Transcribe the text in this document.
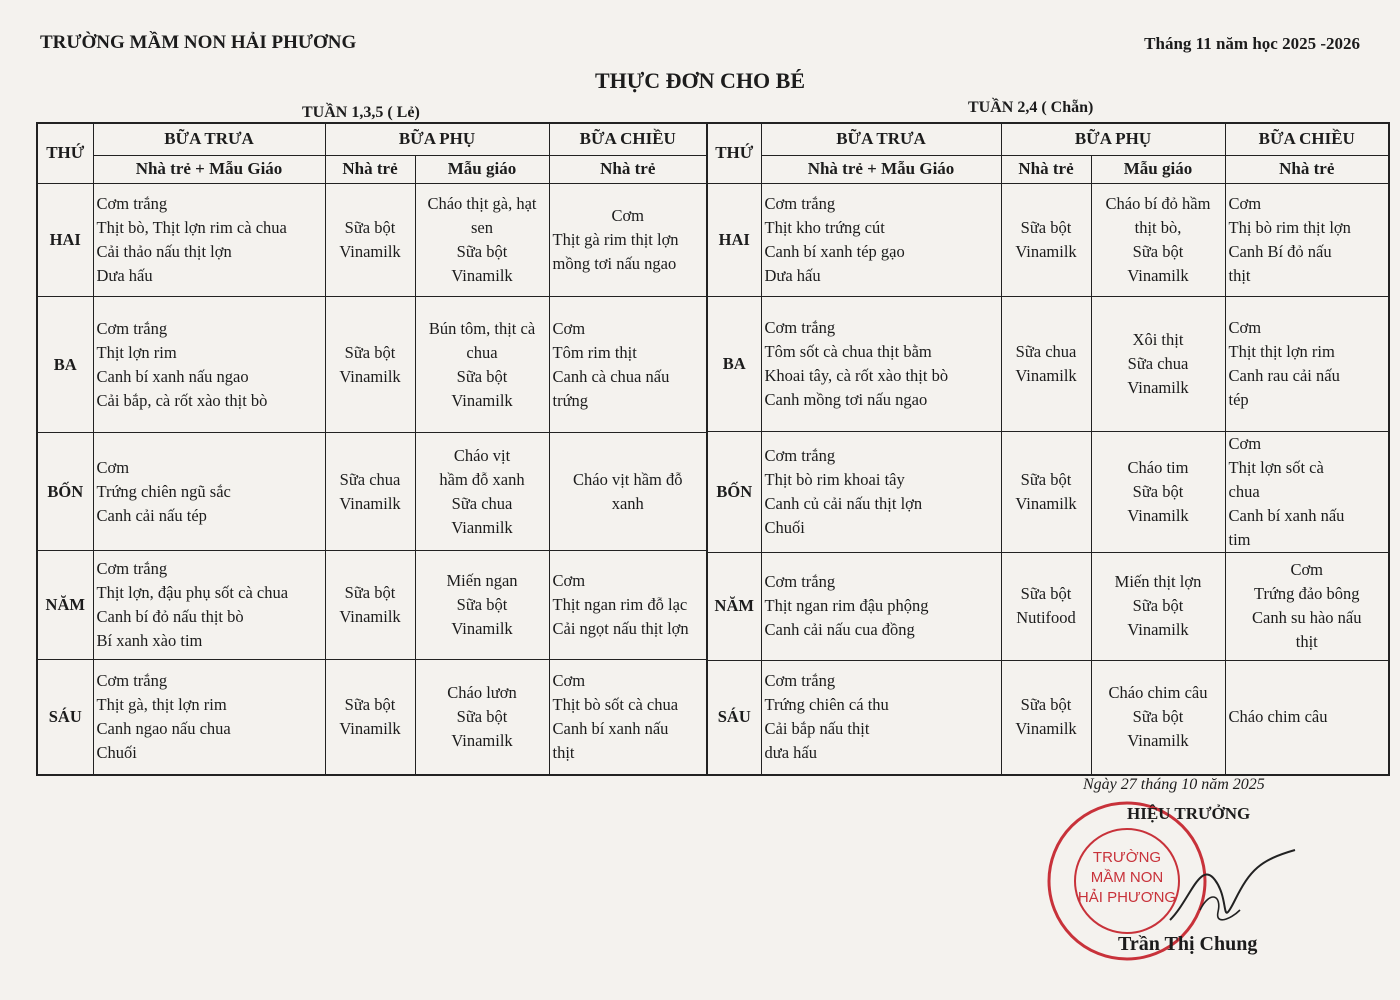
TRƯỜNG MẦM NON HẢI PHƯƠNG	Tháng 11 năm học 2025 -2026
THỰC ĐƠN CHO BÉ
TUẦN 1,3,5 ( Lẻ)	TUẦN 2,4 ( Chẵn)
THỨ	BỮA TRƯA	BỮA PHỤ		BỮA CHIỀU
	Nhà trẻ + Mẫu Giáo	Nhà trẻ	Mẫu giáo	Nhà trẻ
HAI	Cơm trắng
Thịt bò, Thịt lợn rim cà chua
Cải thảo nấu thịt lợn
Dưa hấu	Sữa bột
Vinamilk	Cháo thịt gà, hạt
sen
Sữa bột
Vinamilk	Cơm
Thịt gà rim thịt lợn
mồng tơi nấu ngao

BA	Cơm trắng
Thịt lợn rim
Canh bí xanh nấu ngao
Cải bắp, cà rốt xào thịt bò	Sữa bột
Vinamilk	Bún tôm, thịt cà
chua
Sữa bột
Vinamilk	Cơm
Tôm rim thịt
Canh cà chua nấu
trứng

BỐN	Cơm
Trứng chiên ngũ sắc
Canh cải nấu tép	Sữa chua
Vinamilk	Cháo vịt
hầm đỗ xanh
Sữa chua
Vianmilk	Cháo vịt hầm đỗ
xanh

NĂM	Cơm trắng
Thịt lợn, đậu phụ sốt cà chua
Canh bí đỏ nấu thịt bò
Bí xanh xào tim	Sữa bột
Vinamilk	Miến ngan
Sữa bột
Vinamilk	Cơm
Thịt ngan rim đỗ lạc
Cải ngọt nấu thịt lợn

SÁU	Cơm trắng
Thịt gà, thịt lợn rim
Canh ngao nấu chua
Chuối	Sữa bột
Vinamilk	Cháo lươn
Sữa bột
Vinamilk	Cơm
Thịt bò sốt cà chua
Canh bí xanh nấu
thịt
THỨ	BỮA TRƯA	BỮA PHỤ		BỮA CHIỀU
	Nhà trẻ + Mẫu Giáo	Nhà trẻ	Mẫu giáo	Nhà trẻ
HAI	Cơm trắng
Thịt kho trứng cút
Canh bí xanh tép gạo
Dưa hấu	Sữa bột
Vinamilk	Cháo bí đỏ hầm
thịt bò,
Sữa bột
Vinamilk	Cơm
Thị bò rim thịt lợn
Canh Bí đỏ nấu
thịt

BA	Cơm trắng
Tôm sốt cà chua thịt bằm
Khoai tây, cà rốt xào thịt bò
Canh mồng tơi nấu ngao	Sữa chua
Vinamilk	Xôi thịt
Sữa chua
Vinamilk	Cơm
Thịt thịt lợn rim
Canh rau cải nấu
tép

BỐN	Cơm trắng
Thịt bò rim khoai tây
Canh củ cải nấu thịt lợn
Chuối	Sữa bột
Vinamilk	Cháo tim
Sữa bột
Vinamilk	Cơm
Thịt lợn sốt cà
chua
Canh bí xanh nấu
tim

NĂM	Cơm trắng
Thịt ngan rim đậu phộng
Canh cải nấu cua đồng	Sữa bột
Nutifood	Miến thịt lợn
Sữa bột
Vinamilk	Cơm
Trứng đảo bông
Canh su hào nấu
thịt

SÁU	Cơm trắng
Trứng chiên cá thu
Cải bắp nấu thịt
dưa hấu	Sữa bột
Vinamilk	Cháo chim câu
Sữa bột
Vinamilk	Cháo chim câu
Ngày 27 tháng 10 năm 2025
TRƯỜNG
MẦM NON
HẢI PHƯƠNG
HIỆU TRƯỞNG
Trần Thị Chung
